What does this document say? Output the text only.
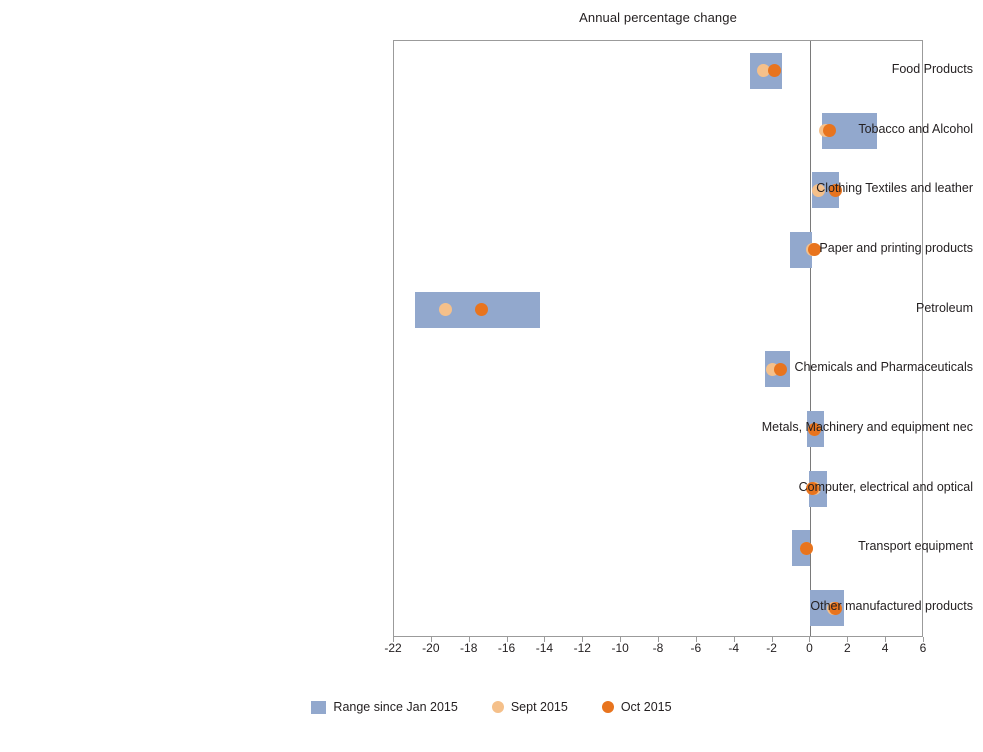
Annual percentage change
Food Products
Tobacco and Alcohol
Clothing Textiles and leather
Paper and printing products
Petroleum
Chemicals and Pharmaceuticals
Metals, Machinery and equipment nec
Computer, electrical and optical
Transport equipment
Other manufactured products
-22	-20	-18	-16	-14	-12	-10	-8	-6	-4	-2	0	2	4	6
Range since Jan 2015	Sept 2015	Oct 2015
